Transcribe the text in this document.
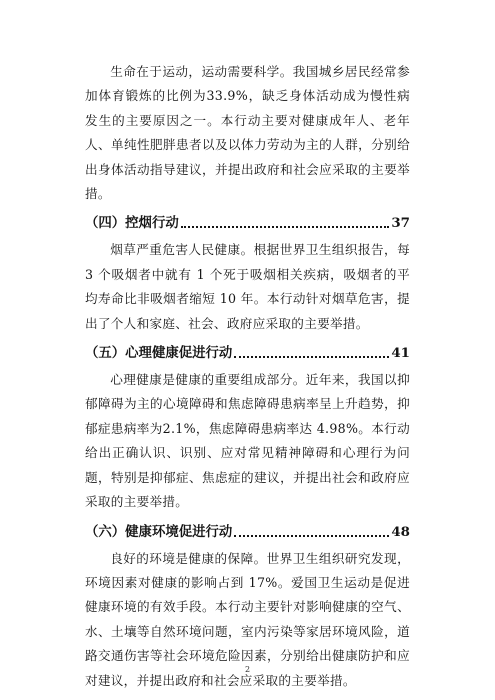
生命在于运动，运动需要科学。我国城乡居民经常参加体育锻炼的比例为33.9%，缺乏身体活动成为慢性病发生的主要原因之一。本行动主要对健康成年人、老年人、单纯性肥胖患者以及以体力劳动为主的人群，分别给出身体活动指导建议，并提出政府和社会应采取的主要举措。

（四）控烟行动	37

烟草严重危害人民健康。根据世界卫生组织报告，每 3 个吸烟者中就有 1 个死于吸烟相关疾病，吸烟者的平均寿命比非吸烟者缩短 10 年。本行动针对烟草危害，提出了个人和家庭、社会、政府应采取的主要举措。

（五）心理健康促进行动	41

心理健康是健康的重要组成部分。近年来，我国以抑郁障碍为主的心境障碍和焦虑障碍患病率呈上升趋势，抑郁症患病率为2.1%，焦虑障碍患病率达 4.98%。本行动给出正确认识、识别、应对常见精神障碍和心理行为问题，特别是抑郁症、焦虑症的建议，并提出社会和政府应采取的主要举措。

（六）健康环境促进行动	48

良好的环境是健康的保障。世界卫生组织研究发现，环境因素对健康的影响占到 17%。爱国卫生运动是促进健康环境的有效手段。本行动主要针对影响健康的空气、水、土壤等自然环境问题，室内污染等家居环境风险，道路交通伤害等社会环境危险因素，分别给出健康防护和应对建议，并提出政府和社会应采取的主要举措。

2
